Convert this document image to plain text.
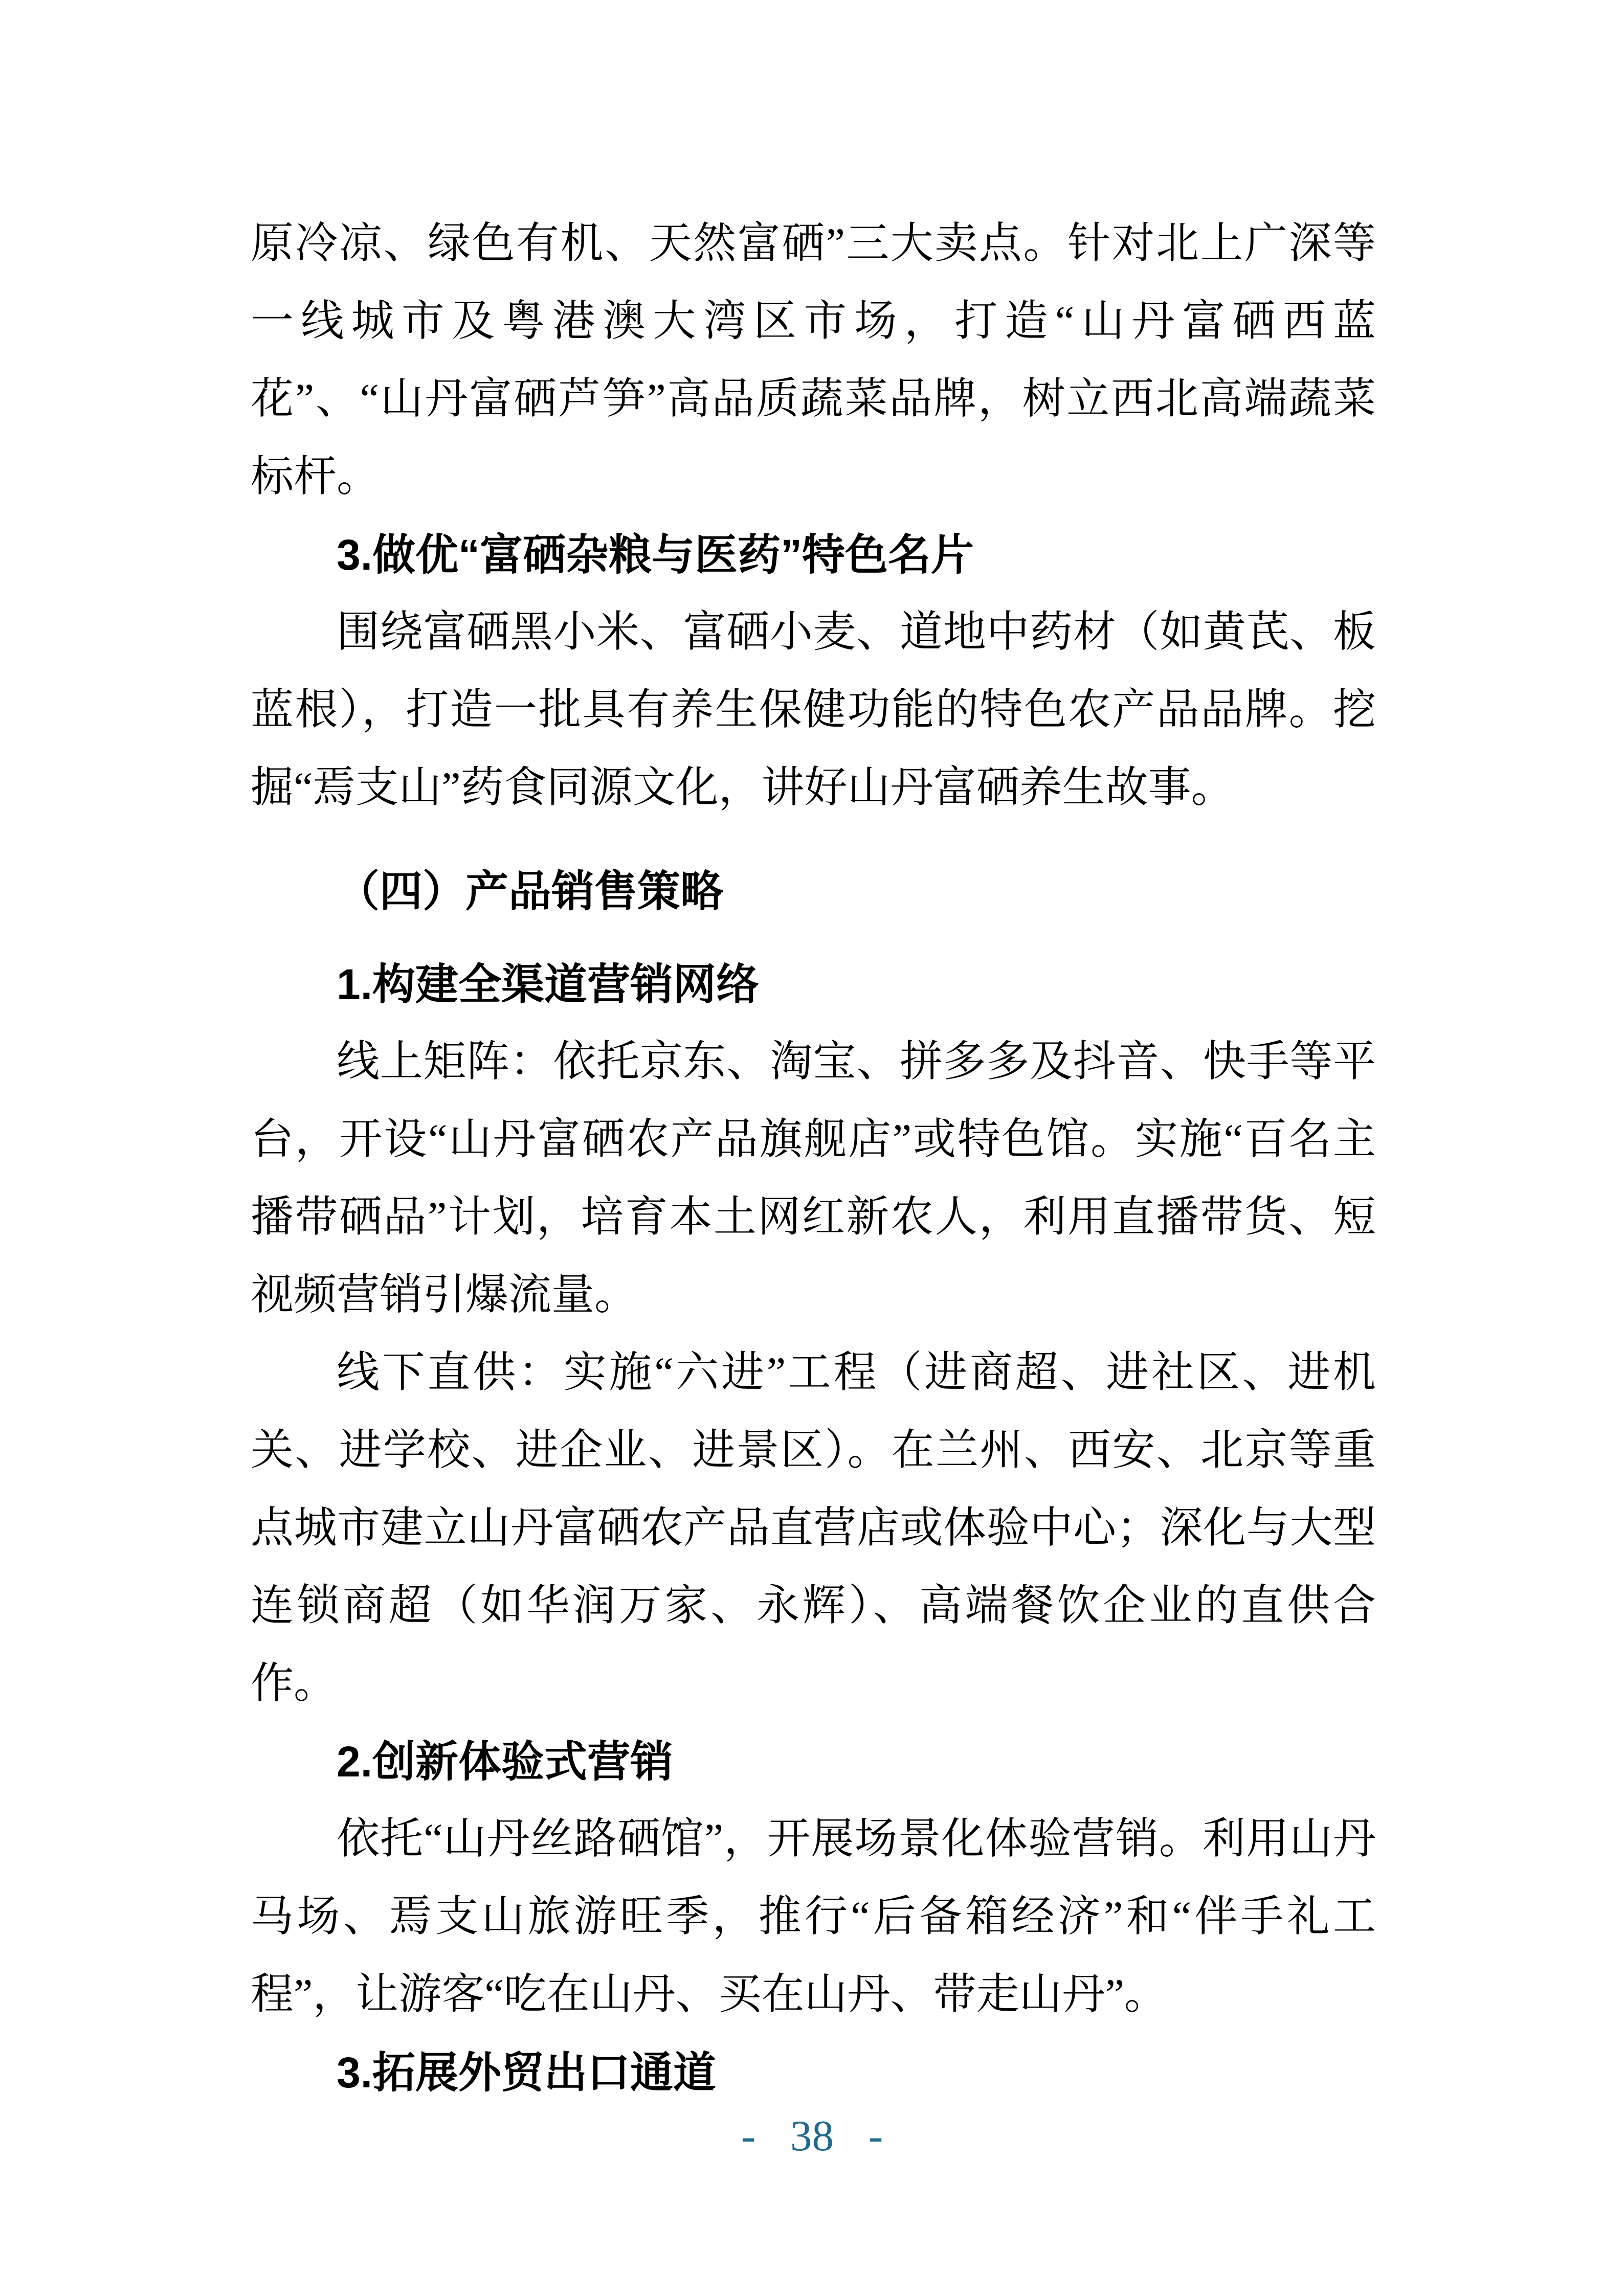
原冷凉、绿色有机、天然富硒”三大卖点。针对北上广深等一线城市及粤港澳大湾区市场，打造“山丹富硒西蓝花”、“山丹富硒芦笋”高品质蔬菜品牌，树立西北高端蔬菜标杆。

3.做优“富硒杂粮与医药”特色名片

围绕富硒黑小米、富硒小麦、道地中药材（如黄芪、板蓝根），打造一批具有养生保健功能的特色农产品品牌。挖掘“焉支山”药食同源文化，讲好山丹富硒养生故事。

（四）产品销售策略

1.构建全渠道营销网络

线上矩阵：依托京东、淘宝、拼多多及抖音、快手等平台，开设“山丹富硒农产品旗舰店”或特色馆。实施“百名主播带硒品”计划，培育本土网红新农人，利用直播带货、短视频营销引爆流量。

线下直供：实施“六进”工程（进商超、进社区、进机关、进学校、进企业、进景区）。在兰州、西安、北京等重点城市建立山丹富硒农产品直营店或体验中心；深化与大型连锁商超（如华润万家、永辉）、高端餐饮企业的直供合作。

2.创新体验式营销

依托“山丹丝路硒馆”，开展场景化体验营销。利用山丹马场、焉支山旅游旺季，推行“后备箱经济”和“伴手礼工程”，让游客“吃在山丹、买在山丹、带走山丹”。

3.拓展外贸出口通道

- 38 -
